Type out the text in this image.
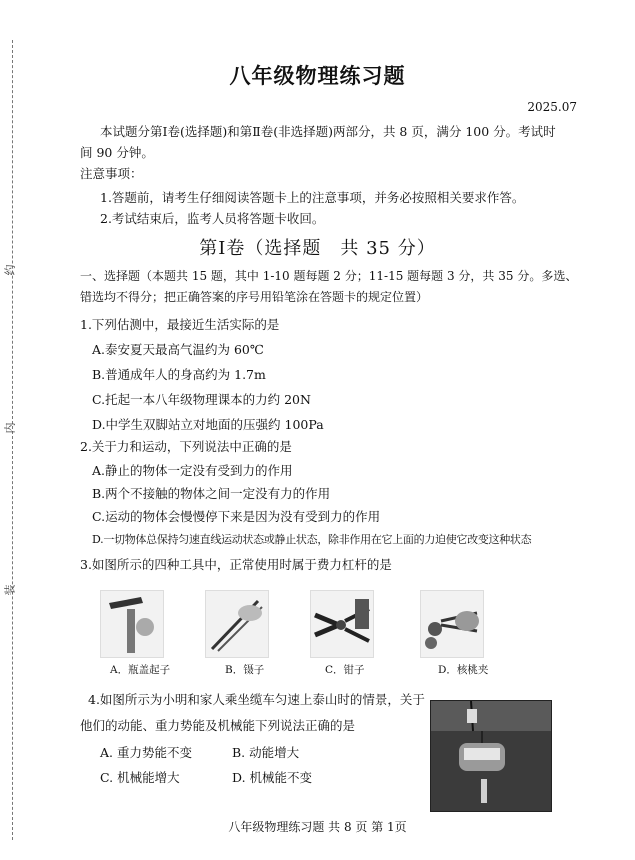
约
内
装
八年级物理练习题
2025.07
本试题分第Ⅰ卷(选择题)和第Ⅱ卷(非选择题)两部分，共 8 页，满分 100 分。考试时
间 90 分钟。
注意事项：
1.答题前，请考生仔细阅读答题卡上的注意事项，并务必按照相关要求作答。
2.考试结束后，监考人员将答题卡收回。
第Ⅰ卷（选择题　共 35 分）
一、选择题（本题共 15 题，其中 1-10 题每题 2 分；11-15 题每题 3 分，共 35 分。多选、
错选均不得分；把正确答案的序号用铅笔涂在答题卡的规定位置）
1.下列估测中，最接近生活实际的是
A.泰安夏天最高气温约为 60℃
B.普通成年人的身高约为 1.7m
C.托起一本八年级物理课本的力约 20N
D.中学生双脚站立对地面的压强约 100Pa
2.关于力和运动，下列说法中正确的是
A.静止的物体一定没有受到力的作用
B.两个不接触的物体之间一定没有力的作用
C.运动的物体会慢慢停下来是因为没有受到力的作用
D.一切物体总保持匀速直线运动状态或静止状态，除非作用在它上面的力迫使它改变这种状态
3.如图所示的四种工具中，正常使用时属于费力杠杆的是
A．瓶盖起子	B．镊子	C．钳子	D．核桃夹
4.如图所示为小明和家人乘坐缆车匀速上泰山时的情景，关于
他们的动能、重力势能及机械能下列说法正确的是
A. 重力势能不变	B. 动能增大
C. 机械能增大	D. 机械能不变
八年级物理练习题 共 8 页 第 1页
